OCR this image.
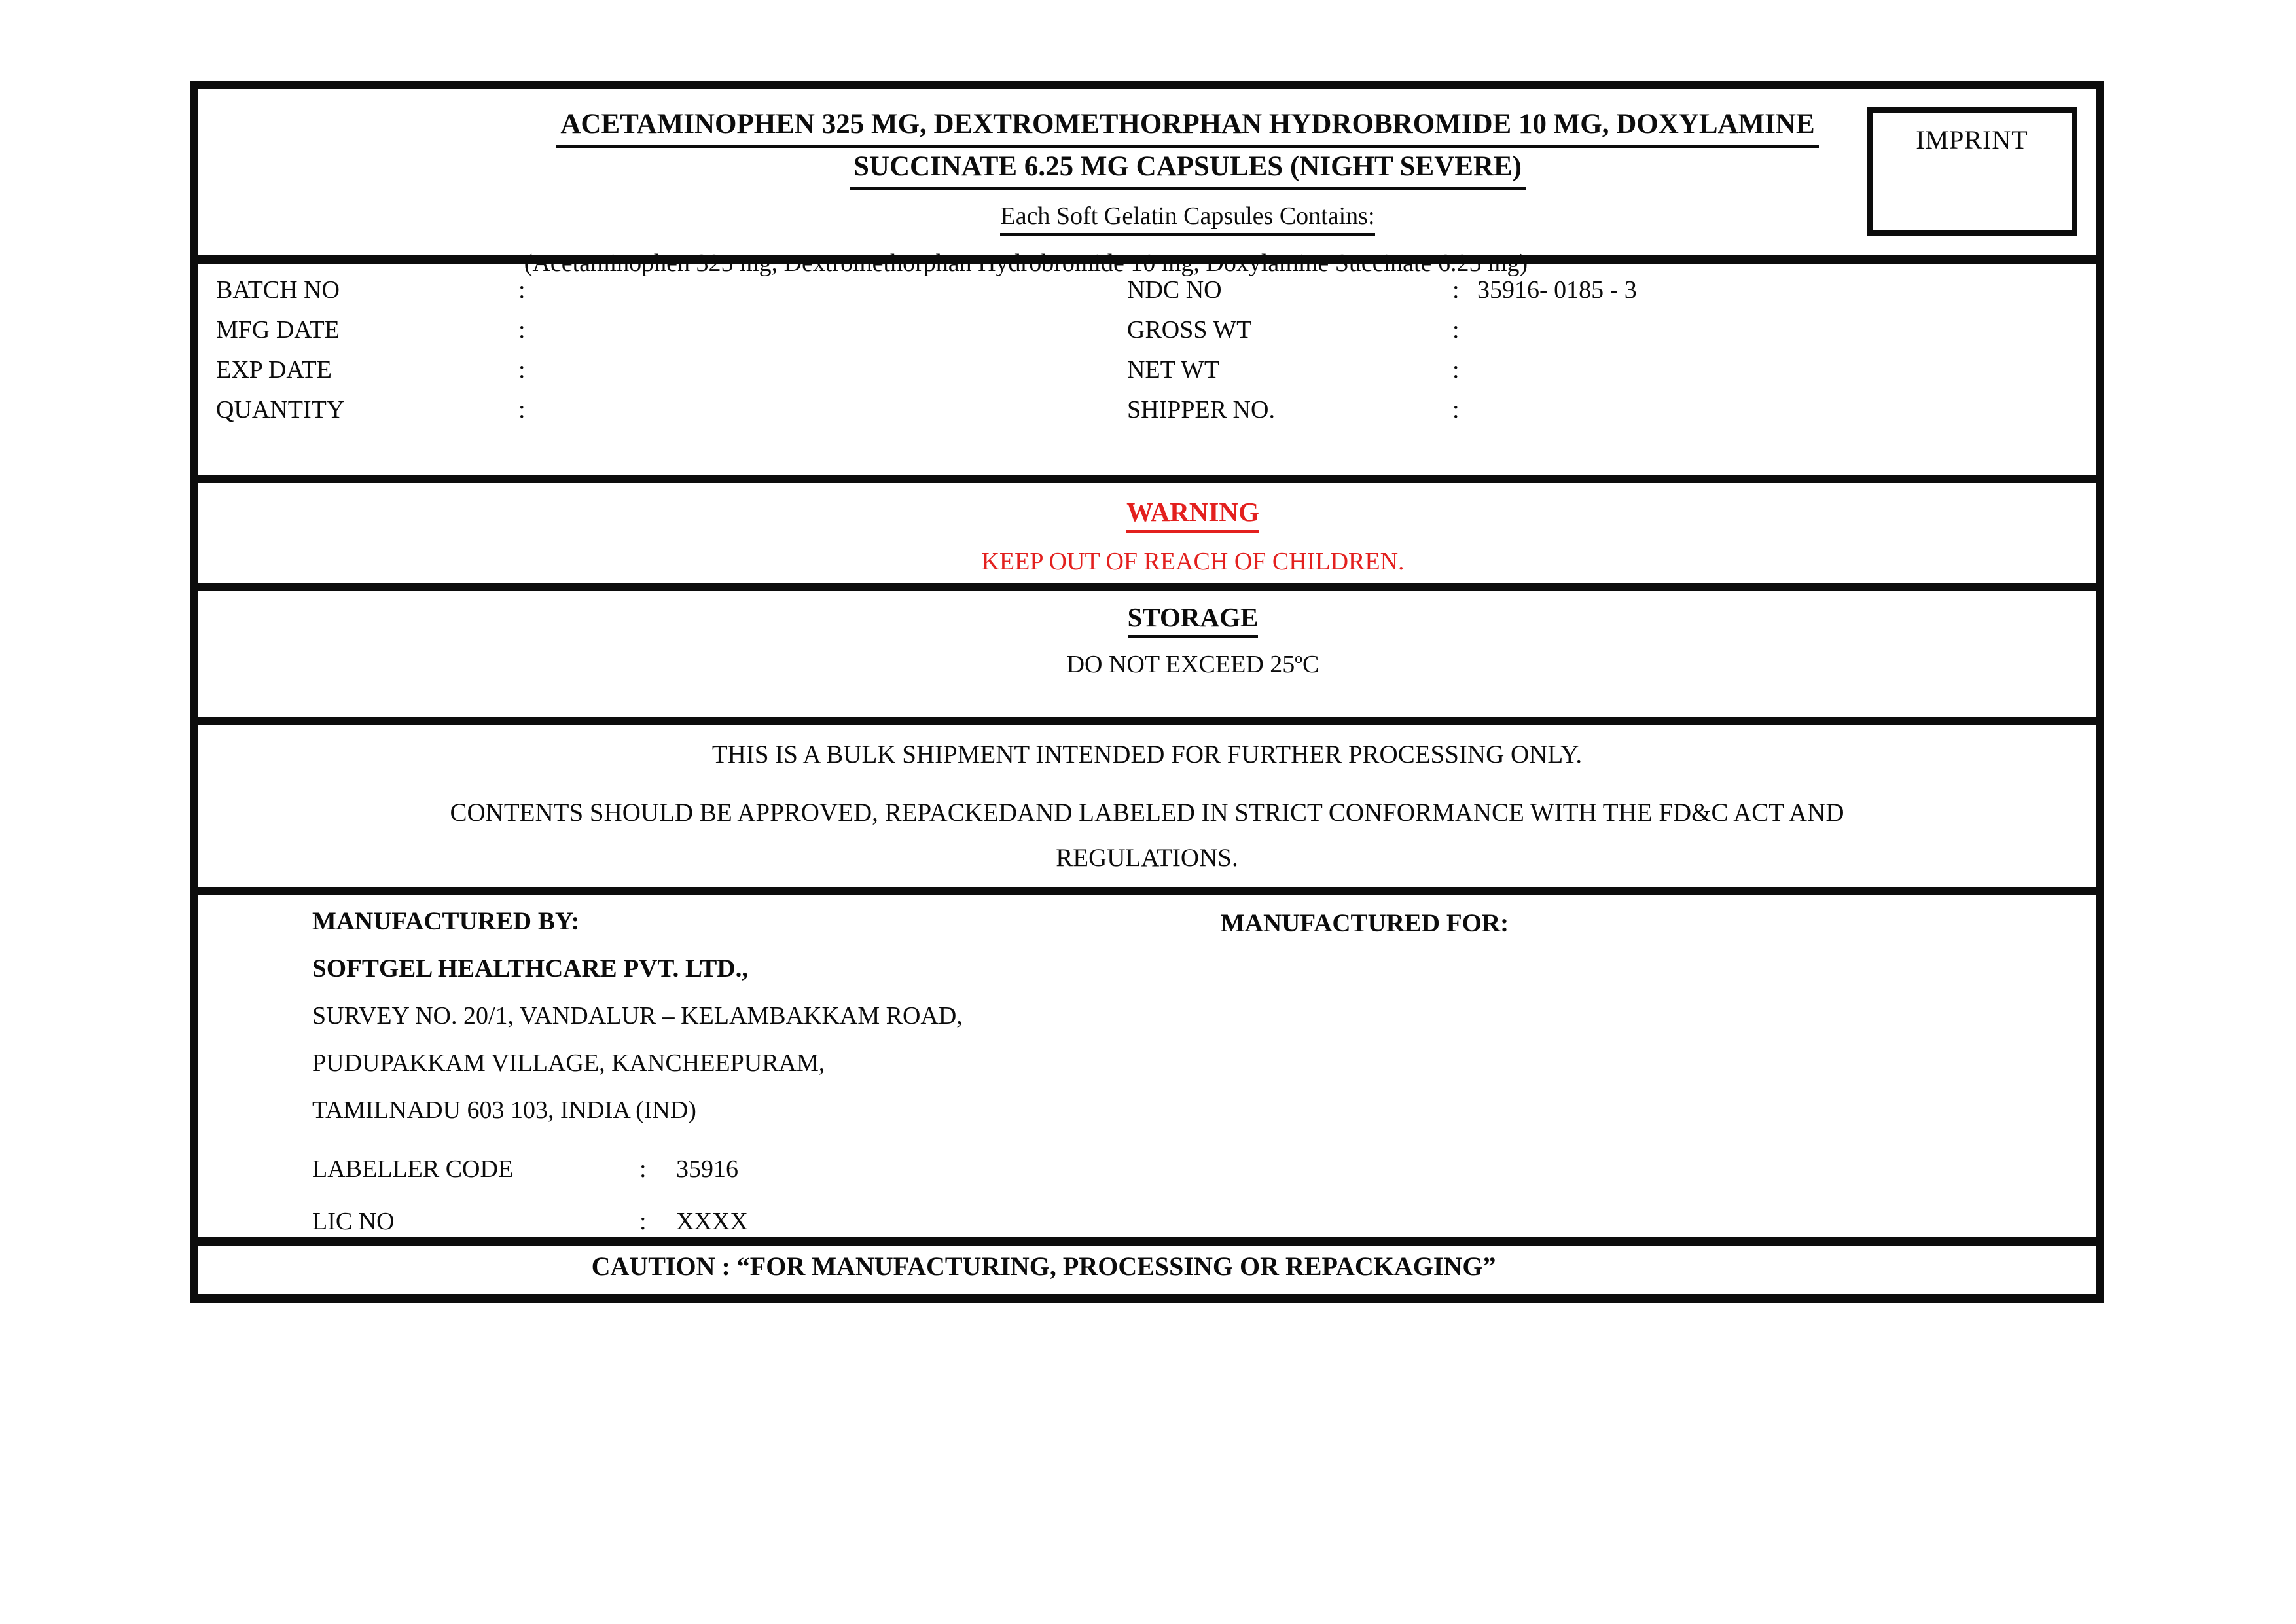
ACETAMINOPHEN 325 MG, DEXTROMETHORPHAN HYDROBROMIDE 10 MG, DOXYLAMINE
SUCCINATE 6.25 MG CAPSULES (NIGHT SEVERE)
Each Soft Gelatin Capsules Contains:
(Acetaminophen 325 mg, Dextromethorphan Hydrobromide 10 mg, Doxylamine Succinate 6.25 mg)
IMPRINT
BATCH NO	:
MFG DATE	:
EXP DATE	:
QUANTITY	:
NDC NO	: 35916- 0185 - 3
GROSS WT	:
NET WT	:
SHIPPER NO.	:
WARNING
KEEP OUT OF REACH OF CHILDREN.
STORAGE
DO NOT EXCEED 25ºC
THIS IS A BULK SHIPMENT INTENDED FOR FURTHER PROCESSING ONLY.
CONTENTS SHOULD BE APPROVED, REPACKEDAND LABELED IN STRICT CONFORMANCE WITH THE FD&C ACT AND
REGULATIONS.
MANUFACTURED BY:
SOFTGEL HEALTHCARE PVT. LTD.,
SURVEY NO. 20/1, VANDALUR – KELAMBAKKAM ROAD,
PUDUPAKKAM VILLAGE, KANCHEEPURAM,
TAMILNADU 603 103, INDIA (IND)
LABELLER CODE	:	35916
LIC NO	:	XXXX
MANUFACTURED FOR:
CAUTION : “FOR MANUFACTURING, PROCESSING OR REPACKAGING”
